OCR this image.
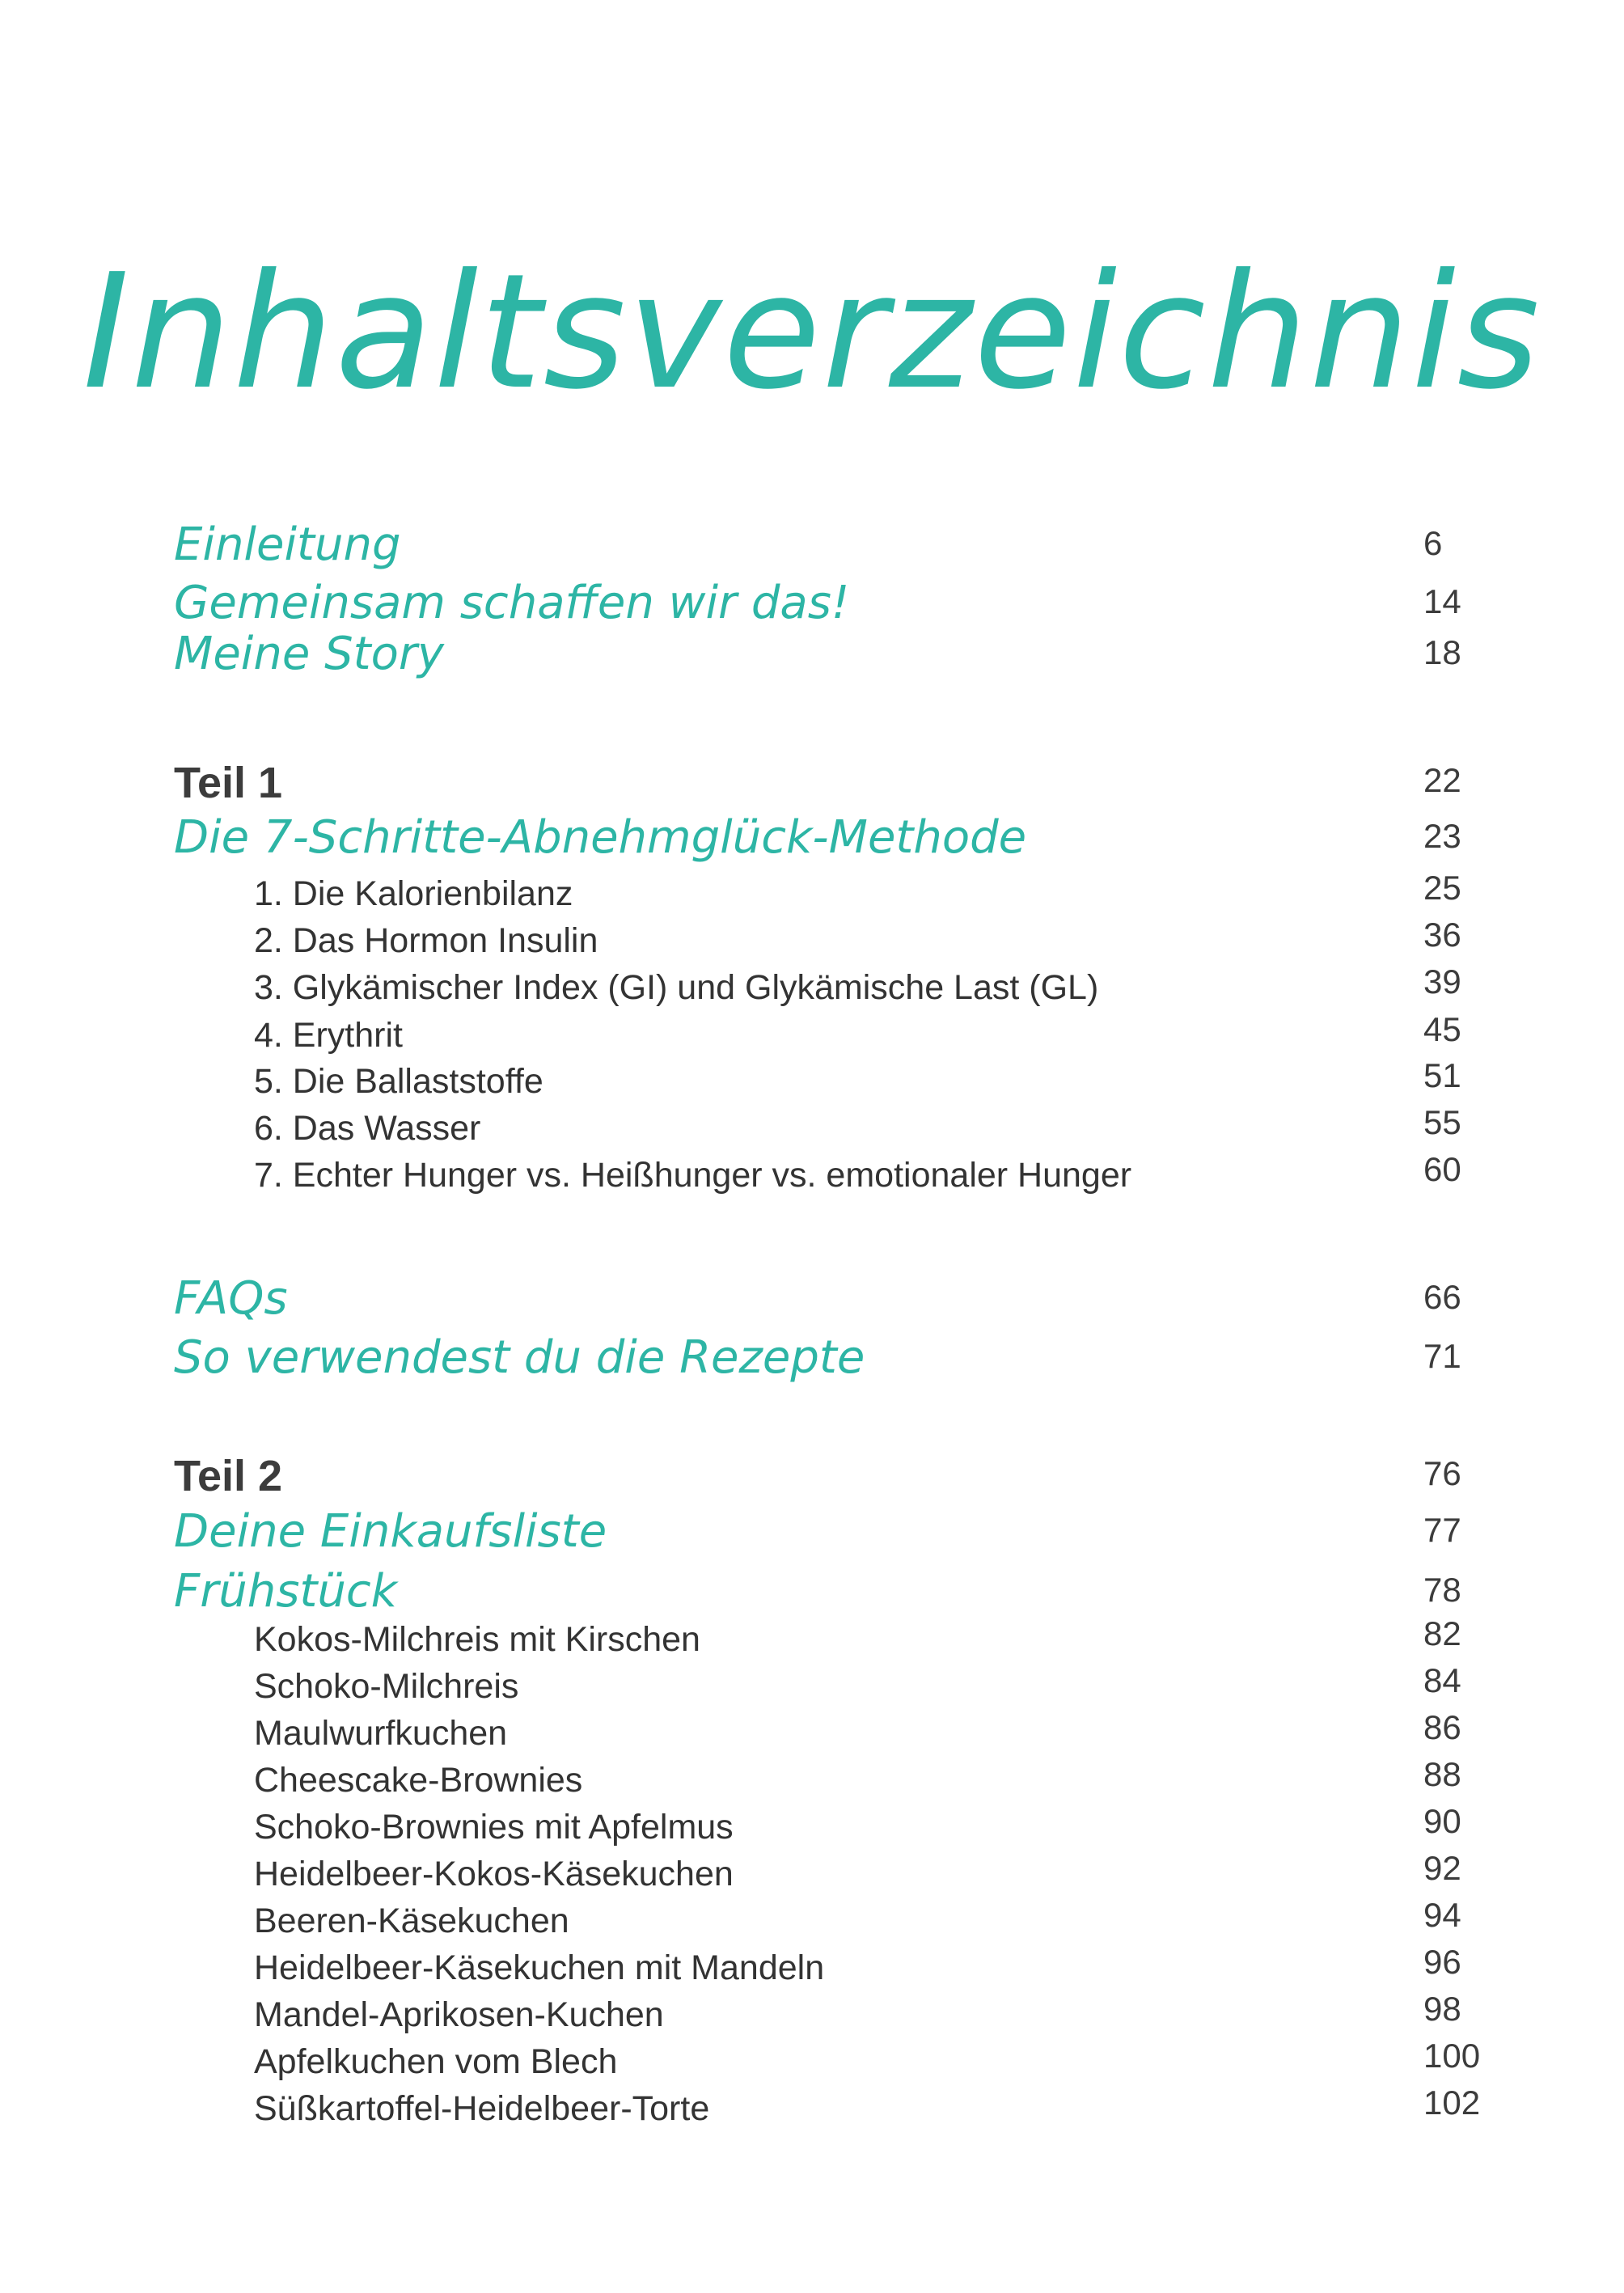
Inhaltsverzeichnis
Einleitung	6
Gemeinsam schaffen wir das!	14
Meine Story	18
Teil 1	22
Die 7-Schritte-Abnehmglück-Methode	23
1. Die Kalorienbilanz	25
2. Das Hormon Insulin	36
3. Glykämischer Index (GI) und Glykämische Last (GL)	39
4. Erythrit	45
5. Die Ballaststoffe	51
6. Das Wasser	55
7. Echter Hunger vs. Heißhunger vs. emotionaler Hunger	60
FAQs	66
So verwendest du die Rezepte	71
Teil 2	76
Deine Einkaufsliste	77
Frühstück	78
Kokos-Milchreis mit Kirschen	82
Schoko-Milchreis	84
Maulwurfkuchen	86
Cheescake-Brownies	88
Schoko-Brownies mit Apfelmus	90
Heidelbeer-Kokos-Käsekuchen	92
Beeren-Käsekuchen	94
Heidelbeer-Käsekuchen mit Mandeln	96
Mandel-Aprikosen-Kuchen	98
Apfelkuchen vom Blech	100
Süßkartoffel-Heidelbeer-Torte	102
